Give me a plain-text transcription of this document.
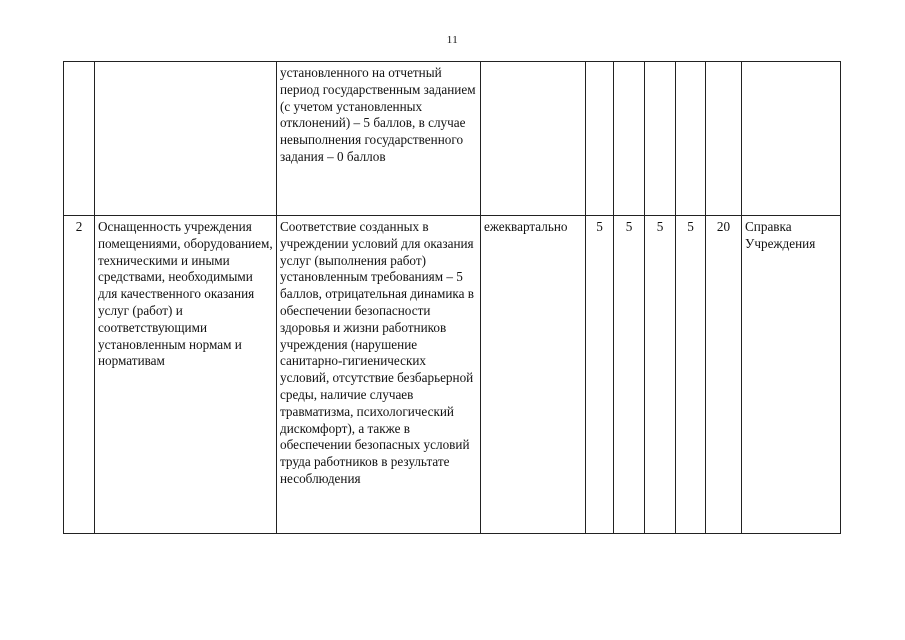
11
		установленного на отчетный период государственным заданием (с учетом установленных отклонений) – 5 баллов, в случае невыполнения государственного задания – 0 баллов							
2	Оснащенность учреждения помещениями, оборудованием, техническими и иными средствами, необходимыми для качественного оказания услуг (работ) и соответствующими установленным нормам и нормативам	Соответствие созданных в учреждении условий для оказания услуг (выполнения работ) установленным требованиям – 5 баллов, отрицательная динамика в обеспечении безопасности здоровья и жизни работников учреждения (нарушение санитарно-гигиенических условий, отсутствие безбарьерной среды, наличие случаев травматизма, психологический дискомфорт), а также в обеспечении безопасных условий труда работников в результате несоблюдения	ежеквартально	5	5	5	5	20	Справка Учреждения
